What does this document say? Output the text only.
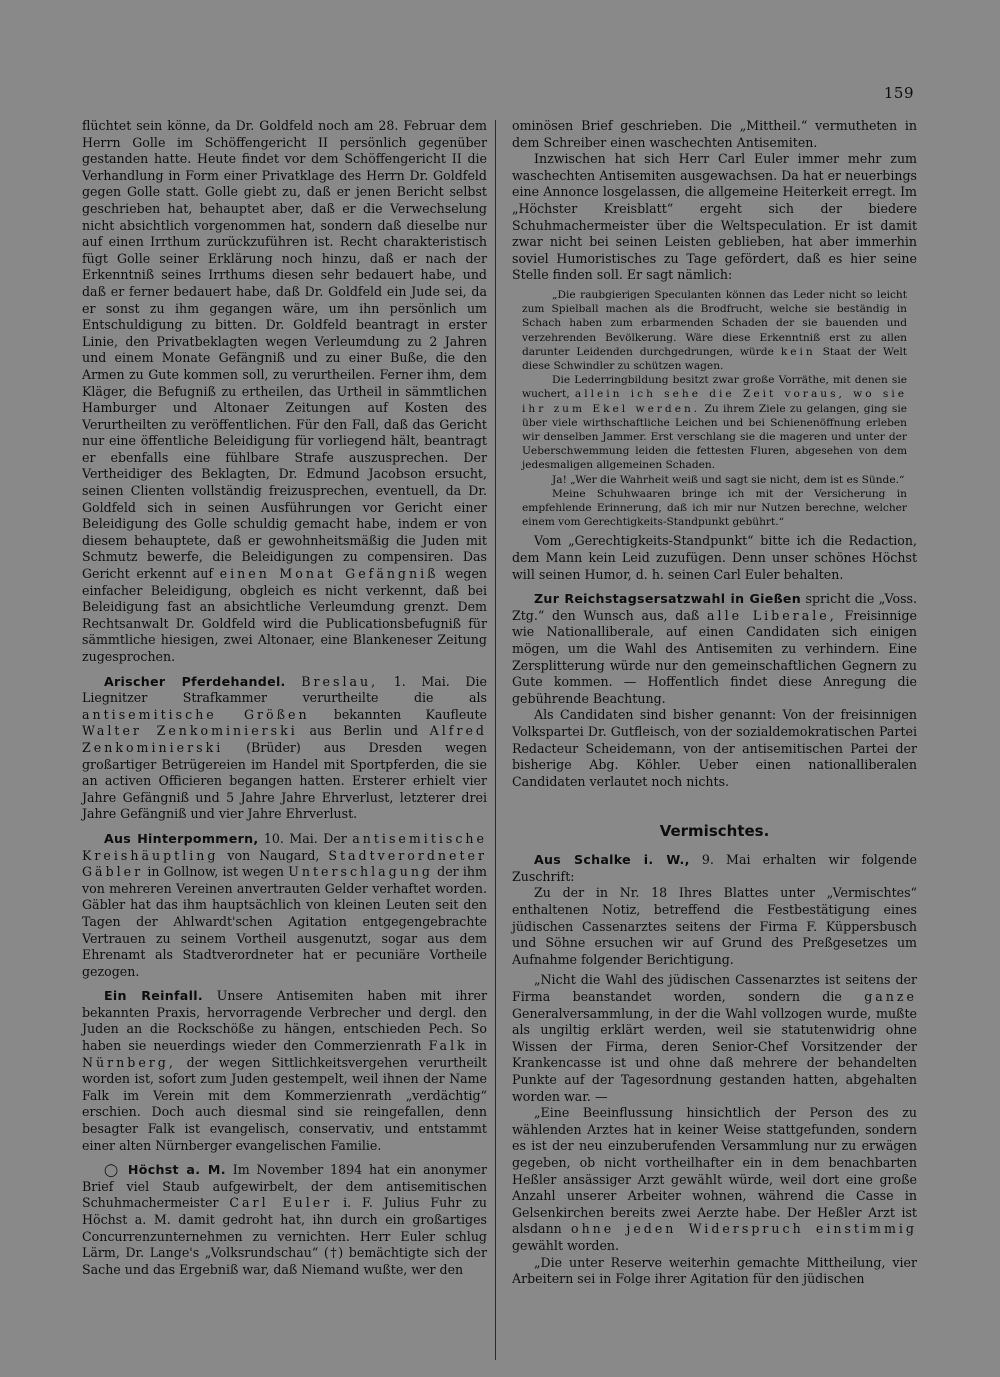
159

flüchtet sein könne, da Dr. Goldfeld noch am 28. Februar dem Herrn Golle im Schöffengericht II persönlich gegenüber gestanden hatte. Heute findet vor dem Schöffengericht II die Verhandlung in Form einer Privatklage des Herrn Dr. Goldfeld gegen Golle statt. Golle giebt zu, daß er jenen Bericht selbst geschrieben hat, behauptet aber, daß er die Verwechselung nicht absichtlich vorgenommen hat, sondern daß dieselbe nur auf einen Irrthum zurückzuführen ist. Recht charakteristisch fügt Golle seiner Erklärung noch hinzu, daß er nach der Erkenntniß seines Irrthums diesen sehr bedauert habe, und daß er ferner bedauert habe, daß Dr. Goldfeld ein Jude sei, da er sonst zu ihm gegangen wäre, um ihn persönlich um Entschuldigung zu bitten. Dr. Goldfeld beantragt in erster Linie, den Privatbeklagten wegen Verleumdung zu 2 Jahren und einem Monate Gefängniß und zu einer Buße, die den Armen zu Gute kommen soll, zu verurtheilen. Ferner ihm, dem Kläger, die Befugniß zu ertheilen, das Urtheil in sämmtlichen Hamburger und Altonaer Zeitungen auf Kosten des Verurtheilten zu veröffentlichen. Für den Fall, daß das Gericht nur eine öffentliche Beleidigung für vorliegend hält, beantragt er ebenfalls eine fühlbare Strafe auszusprechen. Der Vertheidiger des Beklagten, Dr. Edmund Jacobson ersucht, seinen Clienten vollständig freizusprechen, eventuell, da Dr. Goldfeld sich in seinen Ausführungen vor Gericht einer Beleidigung des Golle schuldig gemacht habe, indem er von diesem behauptete, daß er gewohnheitsmäßig die Juden mit Schmutz bewerfe, die Beleidigungen zu compensiren. Das Gericht erkennt auf einen Monat Gefängniß wegen einfacher Beleidigung, obgleich es nicht verkennt, daß bei Beleidigung fast an absichtliche Verleumdung grenzt. Dem Rechtsanwalt Dr. Goldfeld wird die Publicationsbefugniß für sämmtliche hiesigen, zwei Altonaer, eine Blankeneser Zeitung zugesprochen.

Arischer Pferdehandel. Breslau, 1. Mai. Die Liegnitzer Strafkammer verurtheilte die als antisemitische Größen bekannten Kaufleute Walter Zenkominierski aus Berlin und Alfred Zenkominierski (Brüder) aus Dresden wegen großartiger Betrügereien im Handel mit Sportpferden, die sie an activen Officieren begangen hatten. Ersterer erhielt vier Jahre Gefängniß und 5 Jahre Jahre Ehrverlust, letzterer drei Jahre Gefängniß und vier Jahre Ehrverlust.

Aus Hinterpommern, 10. Mai. Der antisemitische Kreishäuptling von Naugard, Stadtverordneter Gäbler in Gollnow, ist wegen Unterschlagung der ihm von mehreren Vereinen anvertrauten Gelder verhaftet worden. Gäbler hat das ihm hauptsächlich von kleinen Leuten seit den Tagen der Ahlwardt'schen Agitation entgegengebrachte Vertrauen zu seinem Vortheil ausgenutzt, sogar aus dem Ehrenamt als Stadtverordneter hat er pecuniäre Vortheile gezogen.

Ein Reinfall. Unsere Antisemiten haben mit ihrer bekannten Praxis, hervorragende Verbrecher und dergl. den Juden an die Rockschöße zu hängen, entschieden Pech. So haben sie neuerdings wieder den Commerzienrath Falk in Nürnberg, der wegen Sittlichkeitsvergehen verurtheilt worden ist, sofort zum Juden gestempelt, weil ihnen der Name Falk im Verein mit dem Kommerzienrath „verdächtig“ erschien. Doch auch diesmal sind sie reingefallen, denn besagter Falk ist evangelisch, conservativ, und entstammt einer alten Nürnberger evangelischen Familie.

◯ Höchst a. M. Im November 1894 hat ein anonymer Brief viel Staub aufgewirbelt, der dem antisemitischen Schuhmachermeister Carl Euler i. F. Julius Fuhr zu Höchst a. M. damit gedroht hat, ihn durch ein großartiges Concurrenzunternehmen zu vernichten. Herr Euler schlug Lärm, Dr. Lange's „Volksrundschau“ (†) bemächtigte sich der Sache und das Ergebniß war, daß Niemand wußte, wer den

ominösen Brief geschrieben. Die „Mittheil.“ vermutheten in dem Schreiber einen waschechten Antisemiten.

Inzwischen hat sich Herr Carl Euler immer mehr zum waschechten Antisemiten ausgewachsen. Da hat er neuerbings eine Annonce losgelassen, die allgemeine Heiterkeit erregt. Im „Höchster Kreisblatt“ ergeht sich der biedere Schuhmachermeister über die Weltspeculation. Er ist damit zwar nicht bei seinen Leisten geblieben, hat aber immerhin soviel Humoristisches zu Tage gefördert, daß es hier seine Stelle finden soll. Er sagt nämlich:

„Die raubgierigen Speculanten können das Leder nicht so leicht zum Spielball machen als die Brodfrucht, welche sie beständig in Schach haben zum erbarmenden Schaden der sie bauenden und verzehrenden Bevölkerung. Wäre diese Erkenntniß erst zu allen darunter Leidenden durchgedrungen, würde kein Staat der Welt diese Schwindler zu schützen wagen.

Die Lederringbildung besitzt zwar große Vorräthe, mit denen sie wuchert, allein ich sehe die Zeit voraus, wo sie ihr zum Ekel werden. Zu ihrem Ziele zu gelangen, ging sie über viele wirthschaftliche Leichen und bei Schienenöffnung erleben wir denselben Jammer. Erst verschlang sie die mageren und unter der Ueberschwemmung leiden die fettesten Fluren, abgesehen von dem jedesmaligen allgemeinen Schaden.

Ja! „Wer die Wahrheit weiß und sagt sie nicht, dem ist es Sünde.“

Meine Schuhwaaren bringe ich mit der Versicherung in empfehlende Erinnerung, daß ich mir nur Nutzen berechne, welcher einem vom Gerechtigkeits-Standpunkt gebührt.“

Vom „Gerechtigkeits-Standpunkt“ bitte ich die Redaction, dem Mann kein Leid zuzufügen. Denn unser schönes Höchst will seinen Humor, d. h. seinen Carl Euler behalten.

Zur Reichstagsersatzwahl in Gießen spricht die „Voss. Ztg.“ den Wunsch aus, daß alle Liberale, Freisinnige wie Nationalliberale, auf einen Candidaten sich einigen mögen, um die Wahl des Antisemiten zu verhindern. Eine Zersplitterung würde nur den gemeinschaftlichen Gegnern zu Gute kommen. — Hoffentlich findet diese Anregung die gebührende Beachtung.

Als Candidaten sind bisher genannt: Von der freisinnigen Volkspartei Dr. Gutfleisch, von der sozialdemokratischen Partei Redacteur Scheidemann, von der antisemitischen Partei der bisherige Abg. Köhler. Ueber einen nationalliberalen Candidaten verlautet noch nichts.

Vermischtes.

Aus Schalke i. W., 9. Mai erhalten wir folgende Zuschrift:

Zu der in Nr. 18 Ihres Blattes unter „Vermischtes“ enthaltenen Notiz, betreffend die Festbestätigung eines jüdischen Cassenarztes seitens der Firma F. Küppersbusch und Söhne ersuchen wir auf Grund des Preßgesetzes um Aufnahme folgender Berichtigung.

„Nicht die Wahl des jüdischen Cassenarztes ist seitens der Firma beanstandet worden, sondern die ganze Generalversammlung, in der die Wahl vollzogen wurde, mußte als ungiltig erklärt werden, weil sie statutenwidrig ohne Wissen der Firma, deren Senior-Chef Vorsitzender der Krankencasse ist und ohne daß mehrere der behandelten Punkte auf der Tagesordnung gestanden hatten, abgehalten worden war. —

„Eine Beeinflussung hinsichtlich der Person des zu wählenden Arztes hat in keiner Weise stattgefunden, sondern es ist der neu einzuberufenden Versammlung nur zu erwägen gegeben, ob nicht vortheilhafter ein in dem benachbarten Heßler ansässiger Arzt gewählt würde, weil dort eine große Anzahl unserer Arbeiter wohnen, während die Casse in Gelsenkirchen bereits zwei Aerzte habe. Der Heßler Arzt ist alsdann ohne jeden Widerspruch einstimmig gewählt worden.

„Die unter Reserve weiterhin gemachte Mittheilung, vier Arbeitern sei in Folge ihrer Agitation für den jüdischen
